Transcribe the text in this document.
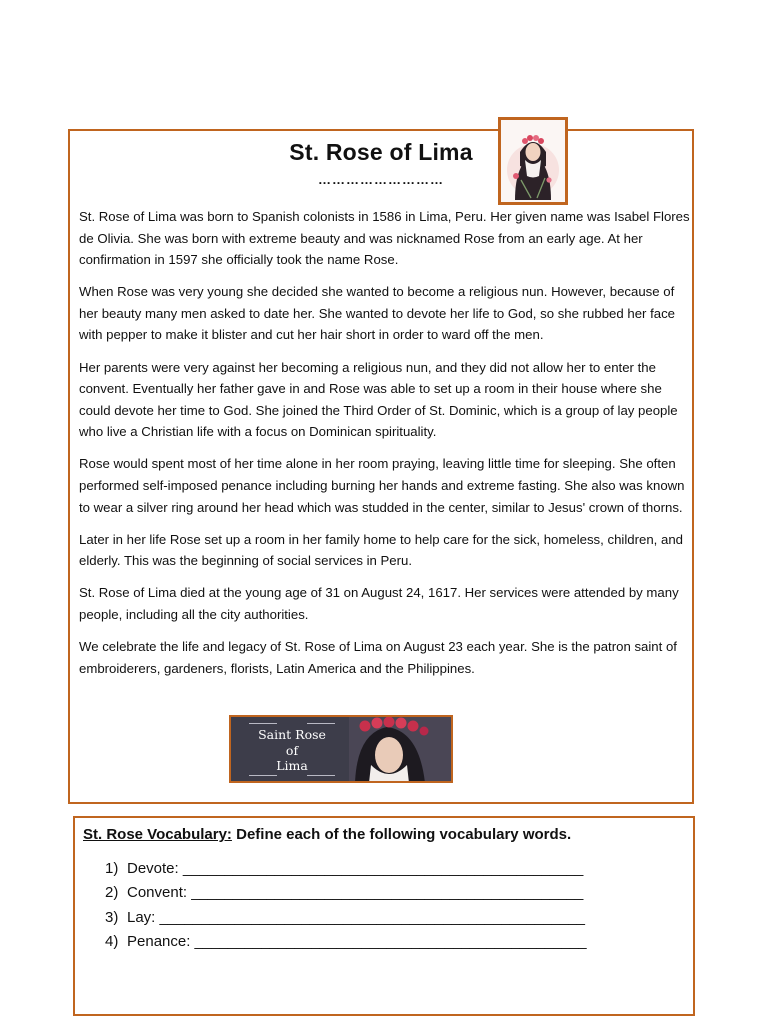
St. Rose of Lima
………………………

St. Rose of Lima was born to Spanish colonists in 1586 in Lima, Peru. Her given name was Isabel Flores de Olivia. She was born with extreme beauty and was nicknamed Rose from an early age. At her confirmation in 1597 she officially took the name Rose.

When Rose was very young she decided she wanted to become a religious nun. However, because of her beauty many men asked to date her. She wanted to devote her life to God, so she rubbed her face with pepper to make it blister and cut her hair short in order to ward off the men.

Her parents were very against her becoming a religious nun, and they did not allow her to enter the convent. Eventually her father gave in and Rose was able to set up a room in their house where she could devote her time to God. She joined the Third Order of St. Dominic, which is a group of lay people who live a Christian life with a focus on Dominican spirituality.

Rose would spent most of her time alone in her room praying, leaving little time for sleeping. She often performed self-imposed penance including burning her hands and extreme fasting. She also was known to wear a silver ring around her head which was studded in the center, similar to Jesus' crown of thorns.

Later in her life Rose set up a room in her family home to help care for the sick, homeless, children, and elderly. This was the beginning of social services in Peru.

St. Rose of Lima died at the young age of 31 on August 24, 1617. Her services were attended by many people, including all the city authorities.

We celebrate the life and legacy of St. Rose of Lima on August 23 each year. She is the patron saint of embroiderers, gardeners, florists, Latin America and the Philippines.

Saint Rose
of
Lima
St. Rose Vocabulary: Define each of the following vocabulary words.
1) Devote: ________________________________________________
2) Convent: _______________________________________________
3) Lay: ___________________________________________________
4) Penance: _______________________________________________
